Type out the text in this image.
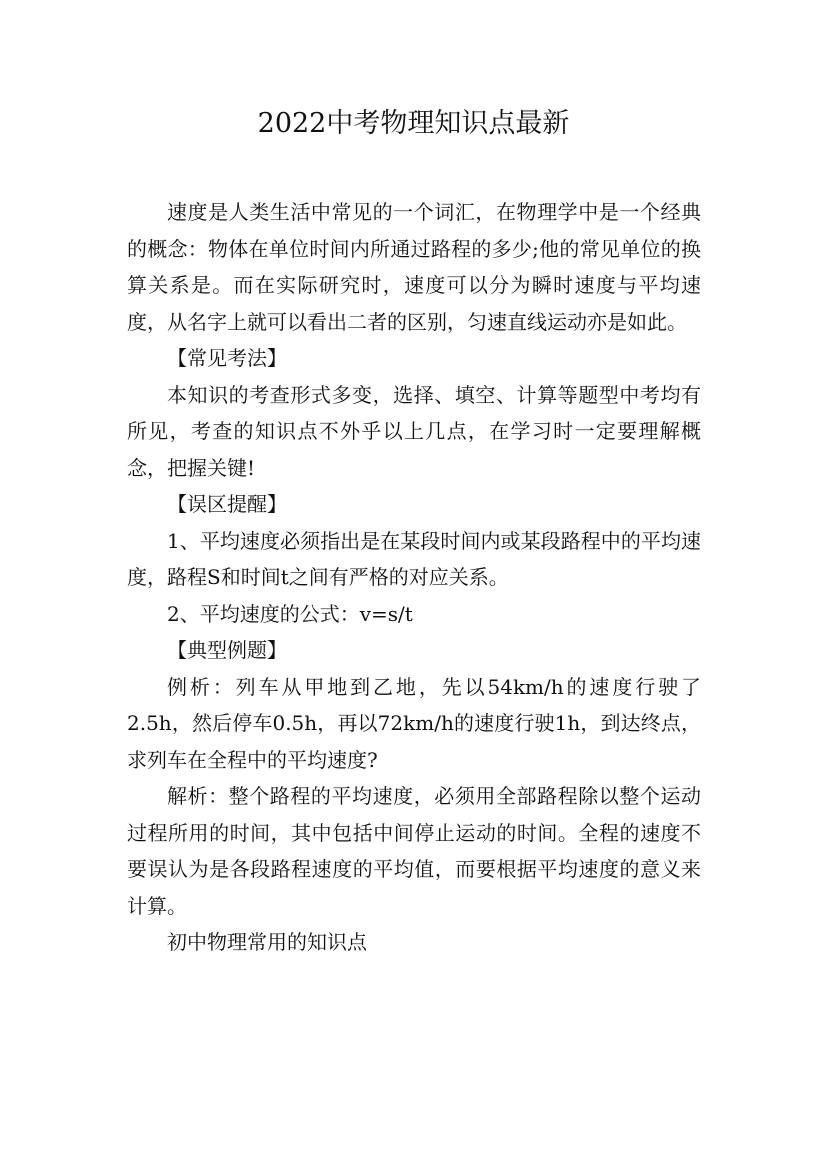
2022中考物理知识点最新

速度是人类生活中常见的一个词汇，在物理学中是一个经典的概念：物体在单位时间内所通过路程的多少;他的常见单位的换算关系是。而在实际研究时，速度可以分为瞬时速度与平均速度，从名字上就可以看出二者的区别，匀速直线运动亦是如此。

【常见考法】

本知识的考查形式多变，选择、填空、计算等题型中考均有所见，考查的知识点不外乎以上几点，在学习时一定要理解概念，把握关键!

【误区提醒】

1、平均速度必须指出是在某段时间内或某段路程中的平均速度，路程S和时间t之间有严格的对应关系。

2、平均速度的公式：v=s/t

【典型例题】

例析：列车从甲地到乙地，先以54km/h的速度行驶了2.5h，然后停车0.5h，再以72km/h的速度行驶1h，到达终点，求列车在全程中的平均速度?

解析：整个路程的平均速度，必须用全部路程除以整个运动过程所用的时间，其中包括中间停止运动的时间。全程的速度不要误认为是各段路程速度的平均值，而要根据平均速度的意义来计算。

初中物理常用的知识点
